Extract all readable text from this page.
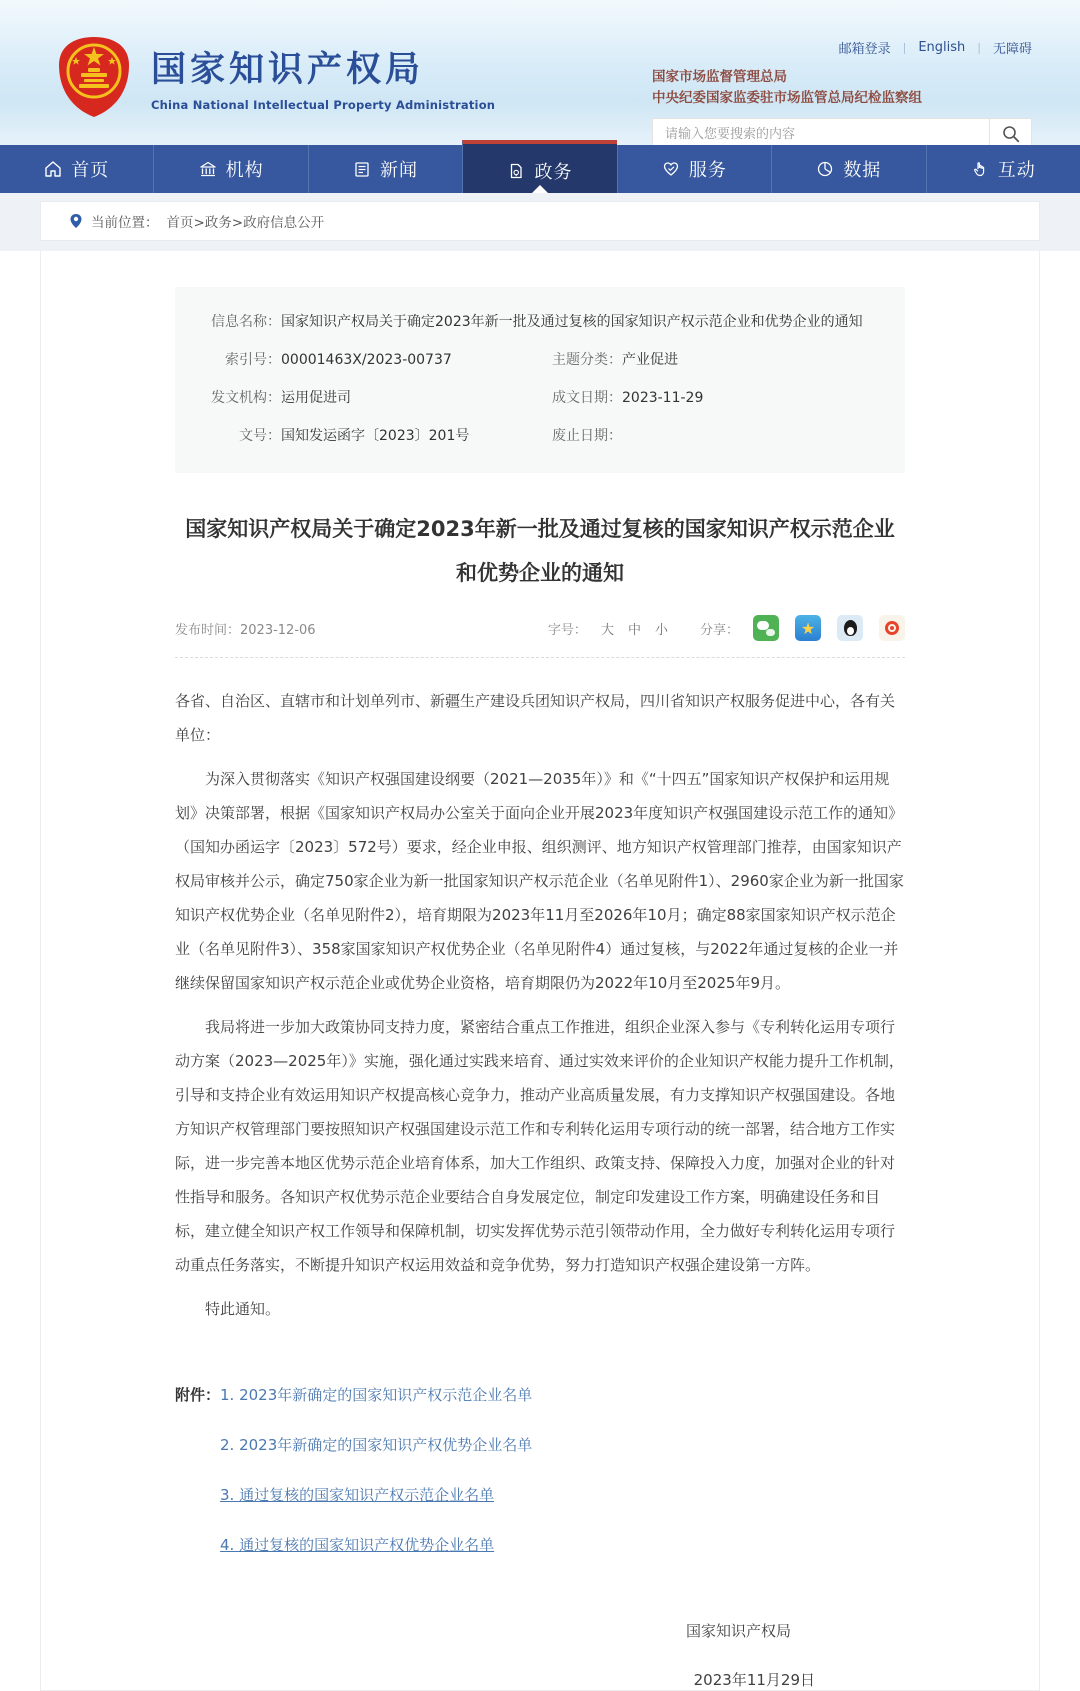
国家知识产权局
China National Intellectual Property Administration
邮箱登录 | English | 无障碍
国家市场监督管理总局
中央纪委国家监委驻市场监管总局纪检监察组
请输入您要搜索的内容
首页	机构	新闻	政务	服务	数据	互动
当前位置： 首页>政务>政府信息公开
信息名称： 国家知识产权局关于确定2023年新一批及通过复核的国家知识产权示范企业和优势企业的通知
索引号： 00001463X/2023-00737	主题分类： 产业促进
发文机构： 运用促进司	成文日期： 2023-11-29
文号： 国知发运函字〔2023〕201号	废止日期：
国家知识产权局关于确定2023年新一批及通过复核的国家知识产权示范企业和优势企业的通知
发布时间：2023-12-06	字号： 大 中 小 分享：	★

各省、自治区、直辖市和计划单列市、新疆生产建设兵团知识产权局，四川省知识产权服务促进中心，各有关单位：

为深入贯彻落实《知识产权强国建设纲要（2021—2035年）》和《“十四五”国家知识产权保护和运用规划》决策部署，根据《国家知识产权局办公室关于面向企业开展2023年度知识产权强国建设示范工作的通知》（国知办函运字〔2023〕572号）要求，经企业申报、组织测评、地方知识产权管理部门推荐，由国家知识产权局审核并公示，确定750家企业为新一批国家知识产权示范企业（名单见附件1）、2960家企业为新一批国家知识产权优势企业（名单见附件2），培育期限为2023年11月至2026年10月；确定88家国家知识产权示范企业（名单见附件3）、358家国家知识产权优势企业（名单见附件4）通过复核，与2022年通过复核的企业一并继续保留国家知识产权示范企业或优势企业资格，培育期限仍为2022年10月至2025年9月。

我局将进一步加大政策协同支持力度，紧密结合重点工作推进，组织企业深入参与《专利转化运用专项行动方案（2023—2025年）》实施，强化通过实践来培育、通过实效来评价的企业知识产权能力提升工作机制，引导和支持企业有效运用知识产权提高核心竞争力，推动产业高质量发展，有力支撑知识产权强国建设。各地方知识产权管理部门要按照知识产权强国建设示范工作和专利转化运用专项行动的统一部署，结合地方工作实际，进一步完善本地区优势示范企业培育体系，加大工作组织、政策支持、保障投入力度，加强对企业的针对性指导和服务。各知识产权优势示范企业要结合自身发展定位，制定印发建设工作方案，明确建设任务和目标，建立健全知识产权工作领导和保障机制，切实发挥优势示范引领带动作用，全力做好专利转化运用专项行动重点任务落实，不断提升知识产权运用效益和竞争优势，努力打造知识产权强企建设第一方阵。

特此通知。

附件： 1. 2023年新确定的国家知识产权示范企业名单
2. 2023年新确定的国家知识产权优势企业名单
3. 通过复核的国家知识产权示范企业名单
4. 通过复核的国家知识产权优势企业名单
国家知识产权局
2023年11月29日
